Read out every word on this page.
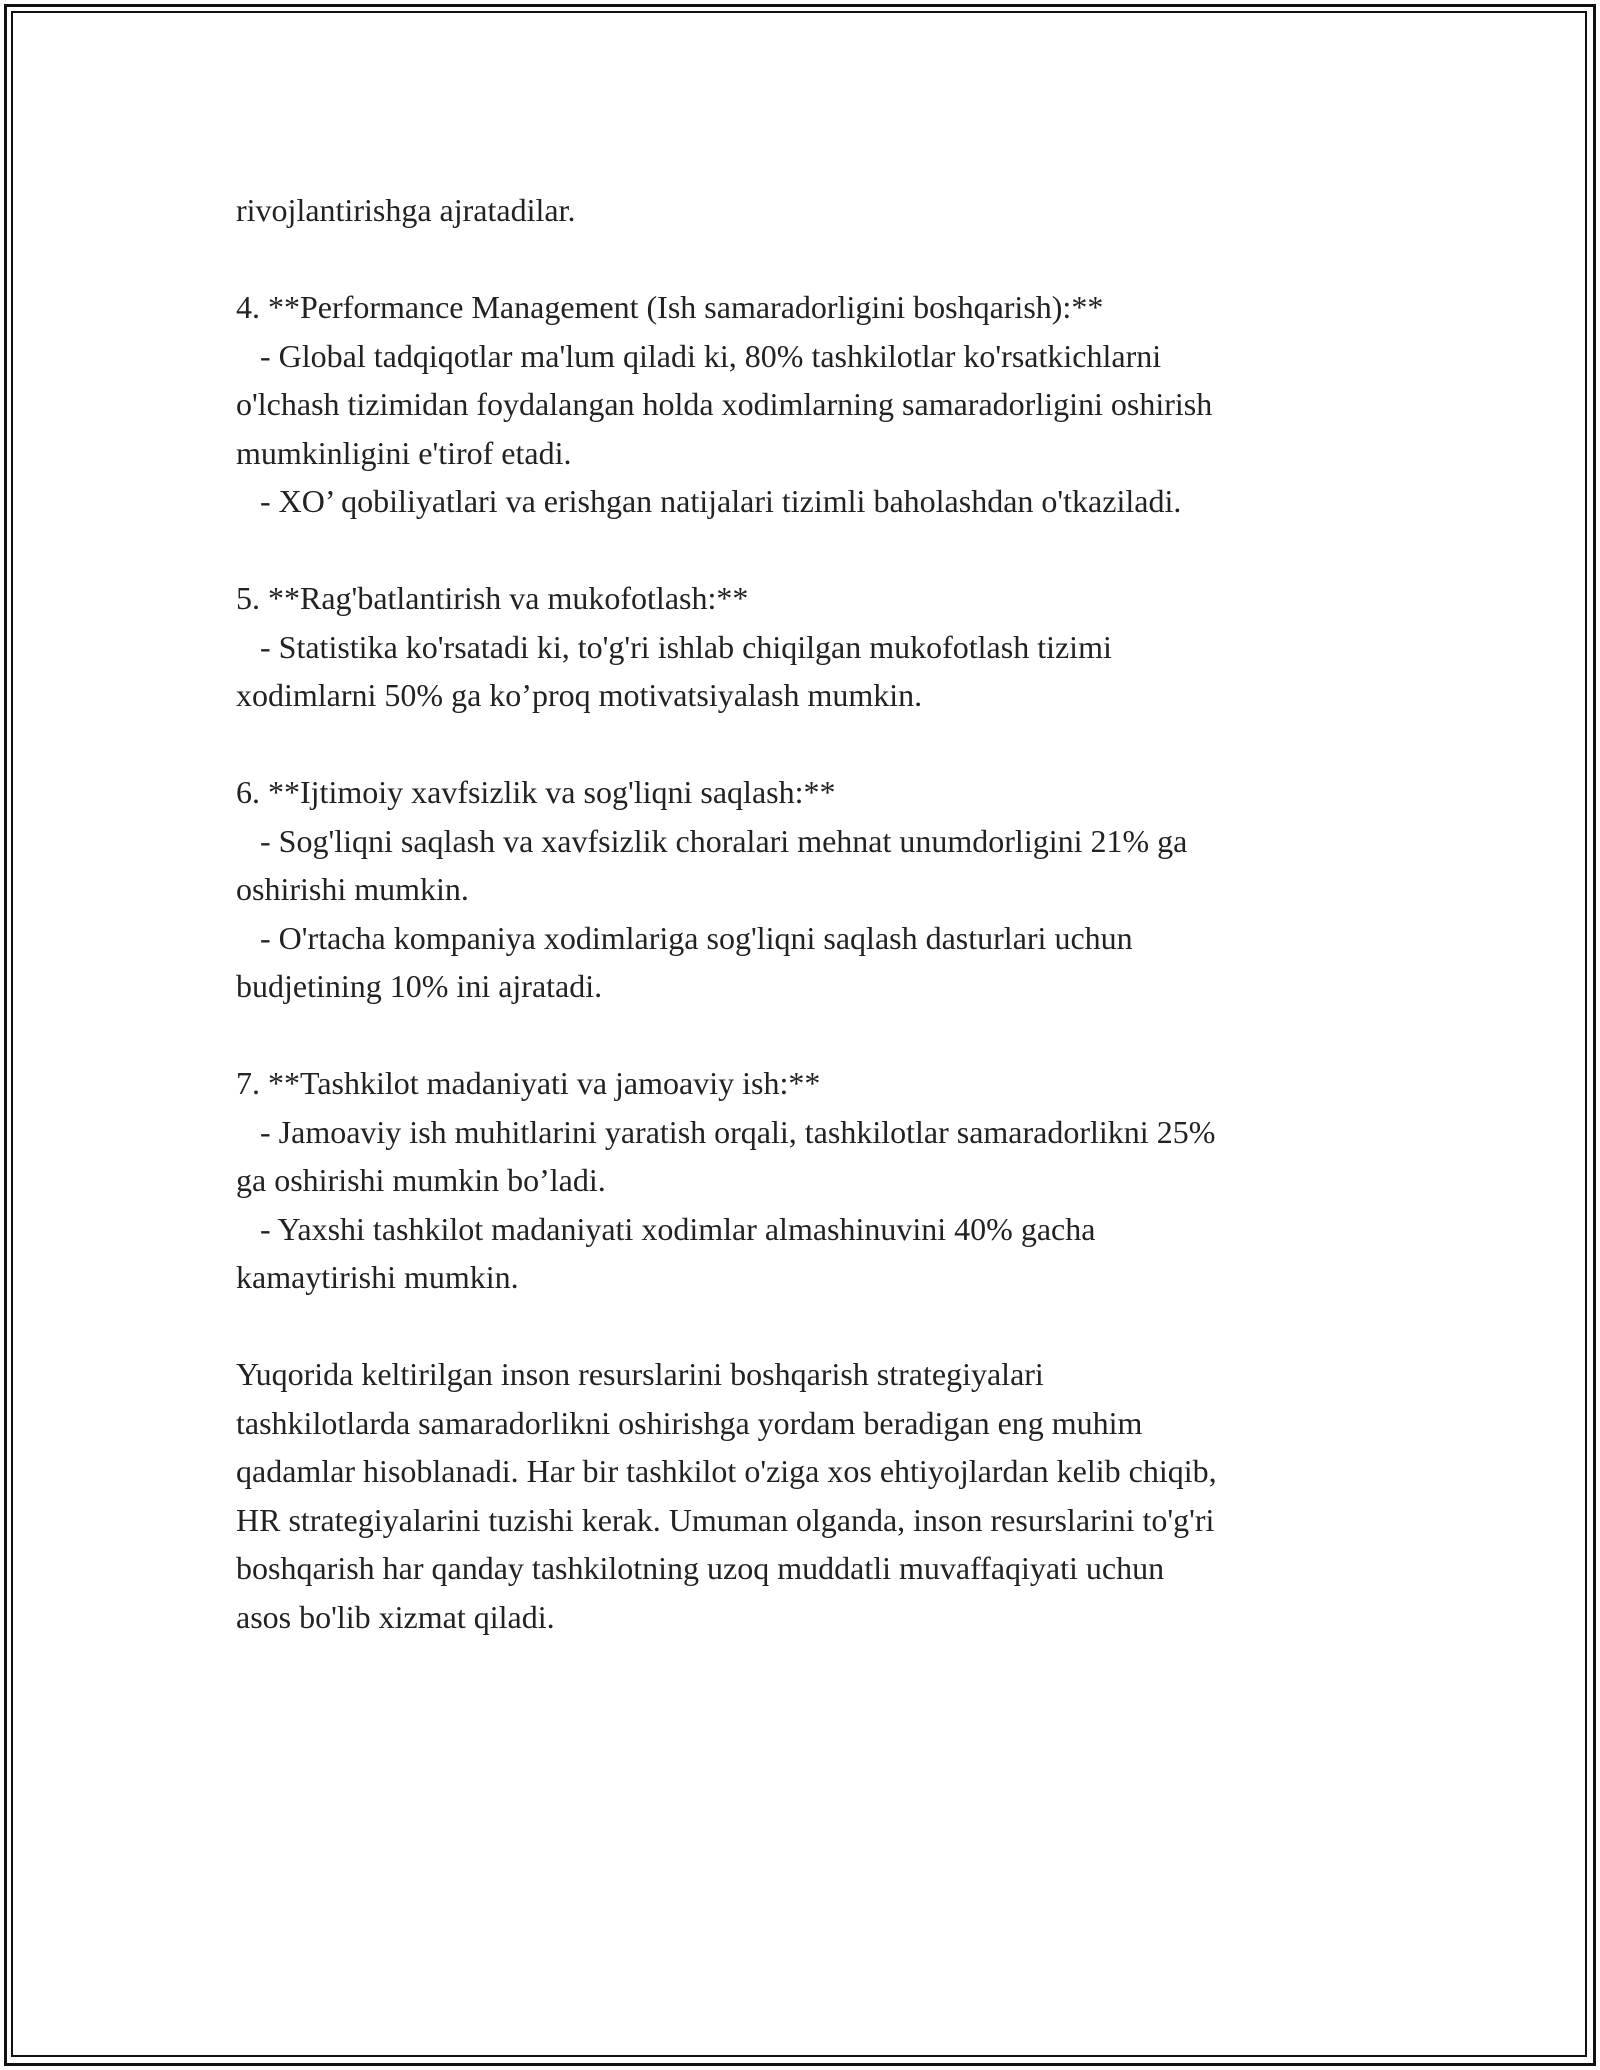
rivojlantirishga ajratadilar.
4. **Performance Management (Ish samaradorligini boshqarish):**
- Global tadqiqotlar ma'lum qiladi ki, 80% tashkilotlar ko'rsatkichlarni
o'lchash tizimidan foydalangan holda xodimlarning samaradorligini oshirish
mumkinligini e'tirof etadi.
- XO’ qobiliyatlari va erishgan natijalari tizimli baholashdan o'tkaziladi.
5. **Rag'batlantirish va mukofotlash:**
- Statistika ko'rsatadi ki, to'g'ri ishlab chiqilgan mukofotlash tizimi
xodimlarni 50% ga ko’proq motivatsiyalash mumkin.
6. **Ijtimoiy xavfsizlik va sog'liqni saqlash:**
- Sog'liqni saqlash va xavfsizlik choralari mehnat unumdorligini 21% ga
oshirishi mumkin.
- O'rtacha kompaniya xodimlariga sog'liqni saqlash dasturlari uchun
budjetining 10% ini ajratadi.
7. **Tashkilot madaniyati va jamoaviy ish:**
- Jamoaviy ish muhitlarini yaratish orqali, tashkilotlar samaradorlikni 25%
ga oshirishi mumkin bo’ladi.
- Yaxshi tashkilot madaniyati xodimlar almashinuvini 40% gacha
kamaytirishi mumkin.
Yuqorida keltirilgan inson resurslarini boshqarish strategiyalari
tashkilotlarda samaradorlikni oshirishga yordam beradigan eng muhim
qadamlar hisoblanadi. Har bir tashkilot o'ziga xos ehtiyojlardan kelib chiqib,
HR strategiyalarini tuzishi kerak. Umuman olganda, inson resurslarini to'g'ri
boshqarish har qanday tashkilotning uzoq muddatli muvaffaqiyati uchun
asos bo'lib xizmat qiladi.
